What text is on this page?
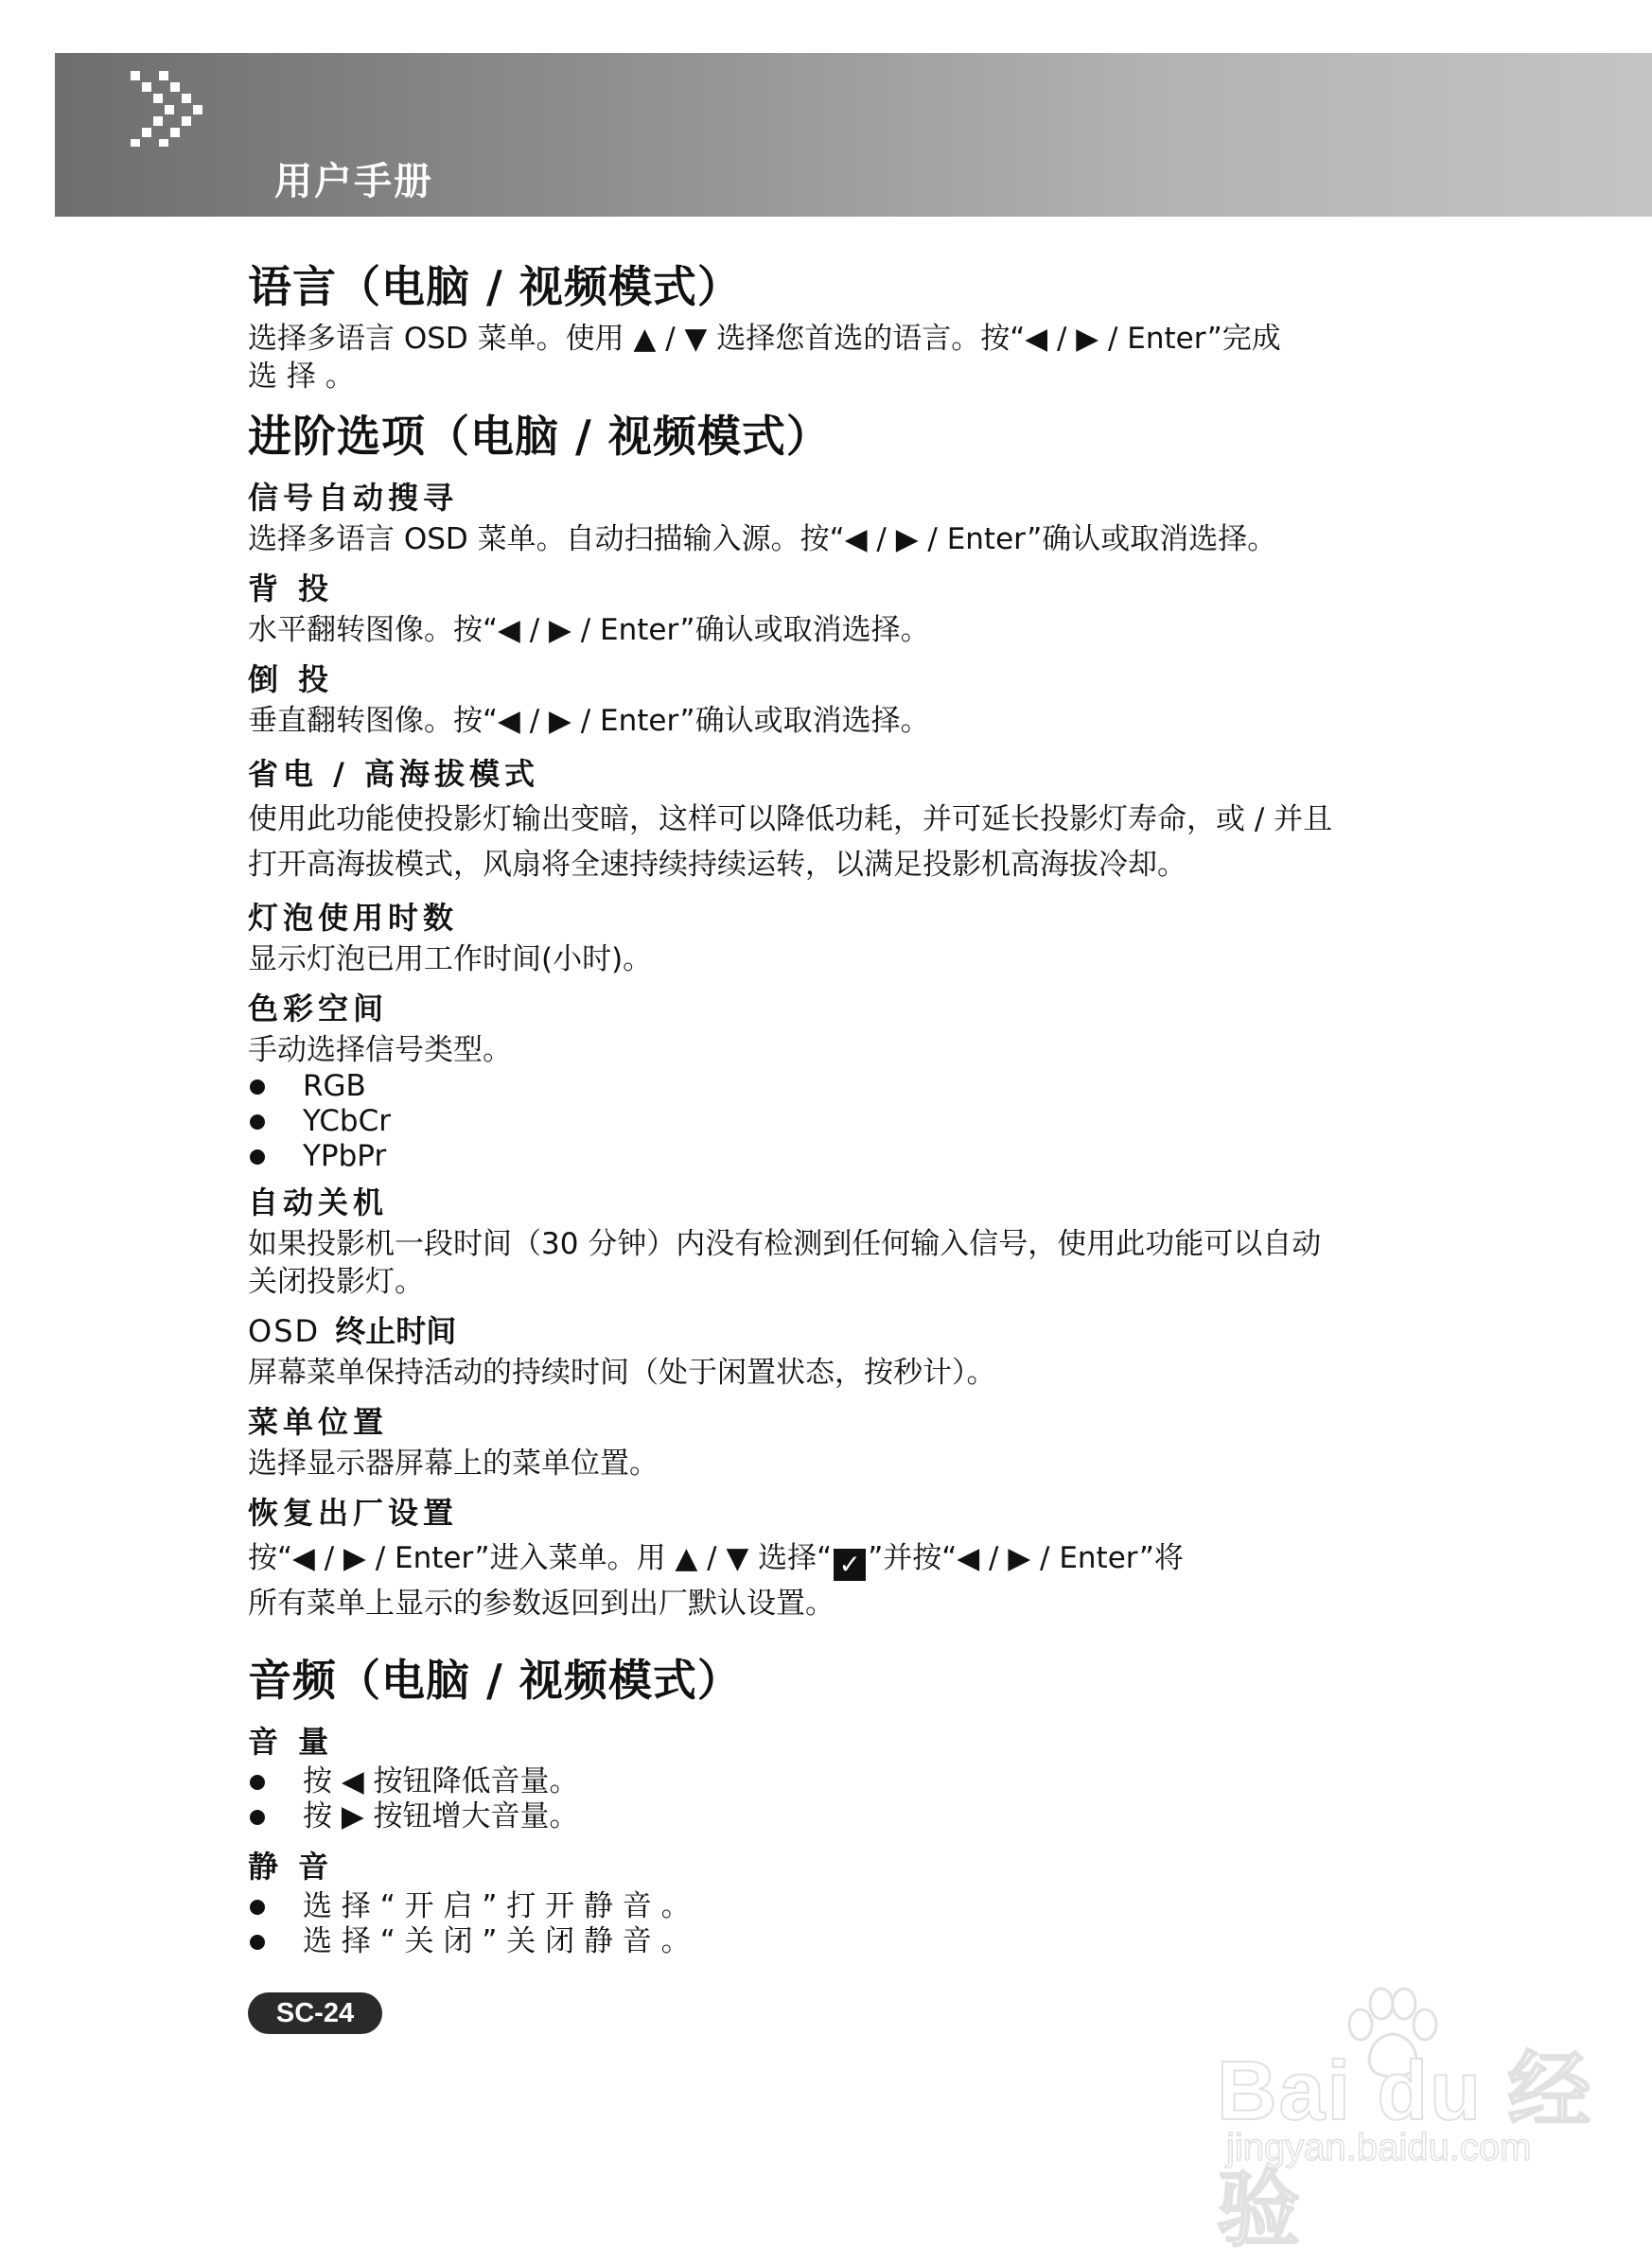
用户手册
语言（电脑 / 视频模式）
选择多语言 OSD 菜单。使用 ▲ / ▼ 选择您首选的语言。按“◀ / ▶ / Enter”完成
选 择 。
进阶选项（电脑 / 视频模式）
信号自动搜寻
选择多语言 OSD 菜单。自动扫描输入源。按“◀ / ▶ / Enter”确认或取消选择。
背 投
水平翻转图像。按“◀ / ▶ / Enter”确认或取消选择。
倒 投
垂直翻转图像。按“◀ / ▶ / Enter”确认或取消选择。
省电 / 高海拔模式
使用此功能使投影灯输出变暗，这样可以降低功耗，并可延长投影灯寿命，或 / 并且
打开高海拔模式，风扇将全速持续持续运转，以满足投影机高海拔冷却。
灯泡使用时数
显示灯泡已用工作时间(小时)。
色彩空间
手动选择信号类型。
RGB
YCbCr
YPbPr
自动关机
如果投影机一段时间（30 分钟）内没有检测到任何输入信号，使用此功能可以自动
关闭投影灯。
OSD 终止时间
屏幕菜单保持活动的持续时间（处于闲置状态，按秒计）。
菜单位置
选择显示器屏幕上的菜单位置。
恢复出厂设置
按“◀ / ▶ / Enter”进入菜单。用 ▲ / ▼ 选择“ ✓ ”并按“◀ / ▶ / Enter”将
所有菜单上显示的参数返回到出厂默认设置。
音频（电脑 / 视频模式）
音 量
按 ◀ 按钮降低音量。
按 ▶ 按钮增大音量。
静 音
选 择 “ 开 启 ” 打 开 静 音 。
选 择 “ 关 闭 ” 关 闭 静 音 。
SC-24
Bai du 经验
jingyan.baidu.com
